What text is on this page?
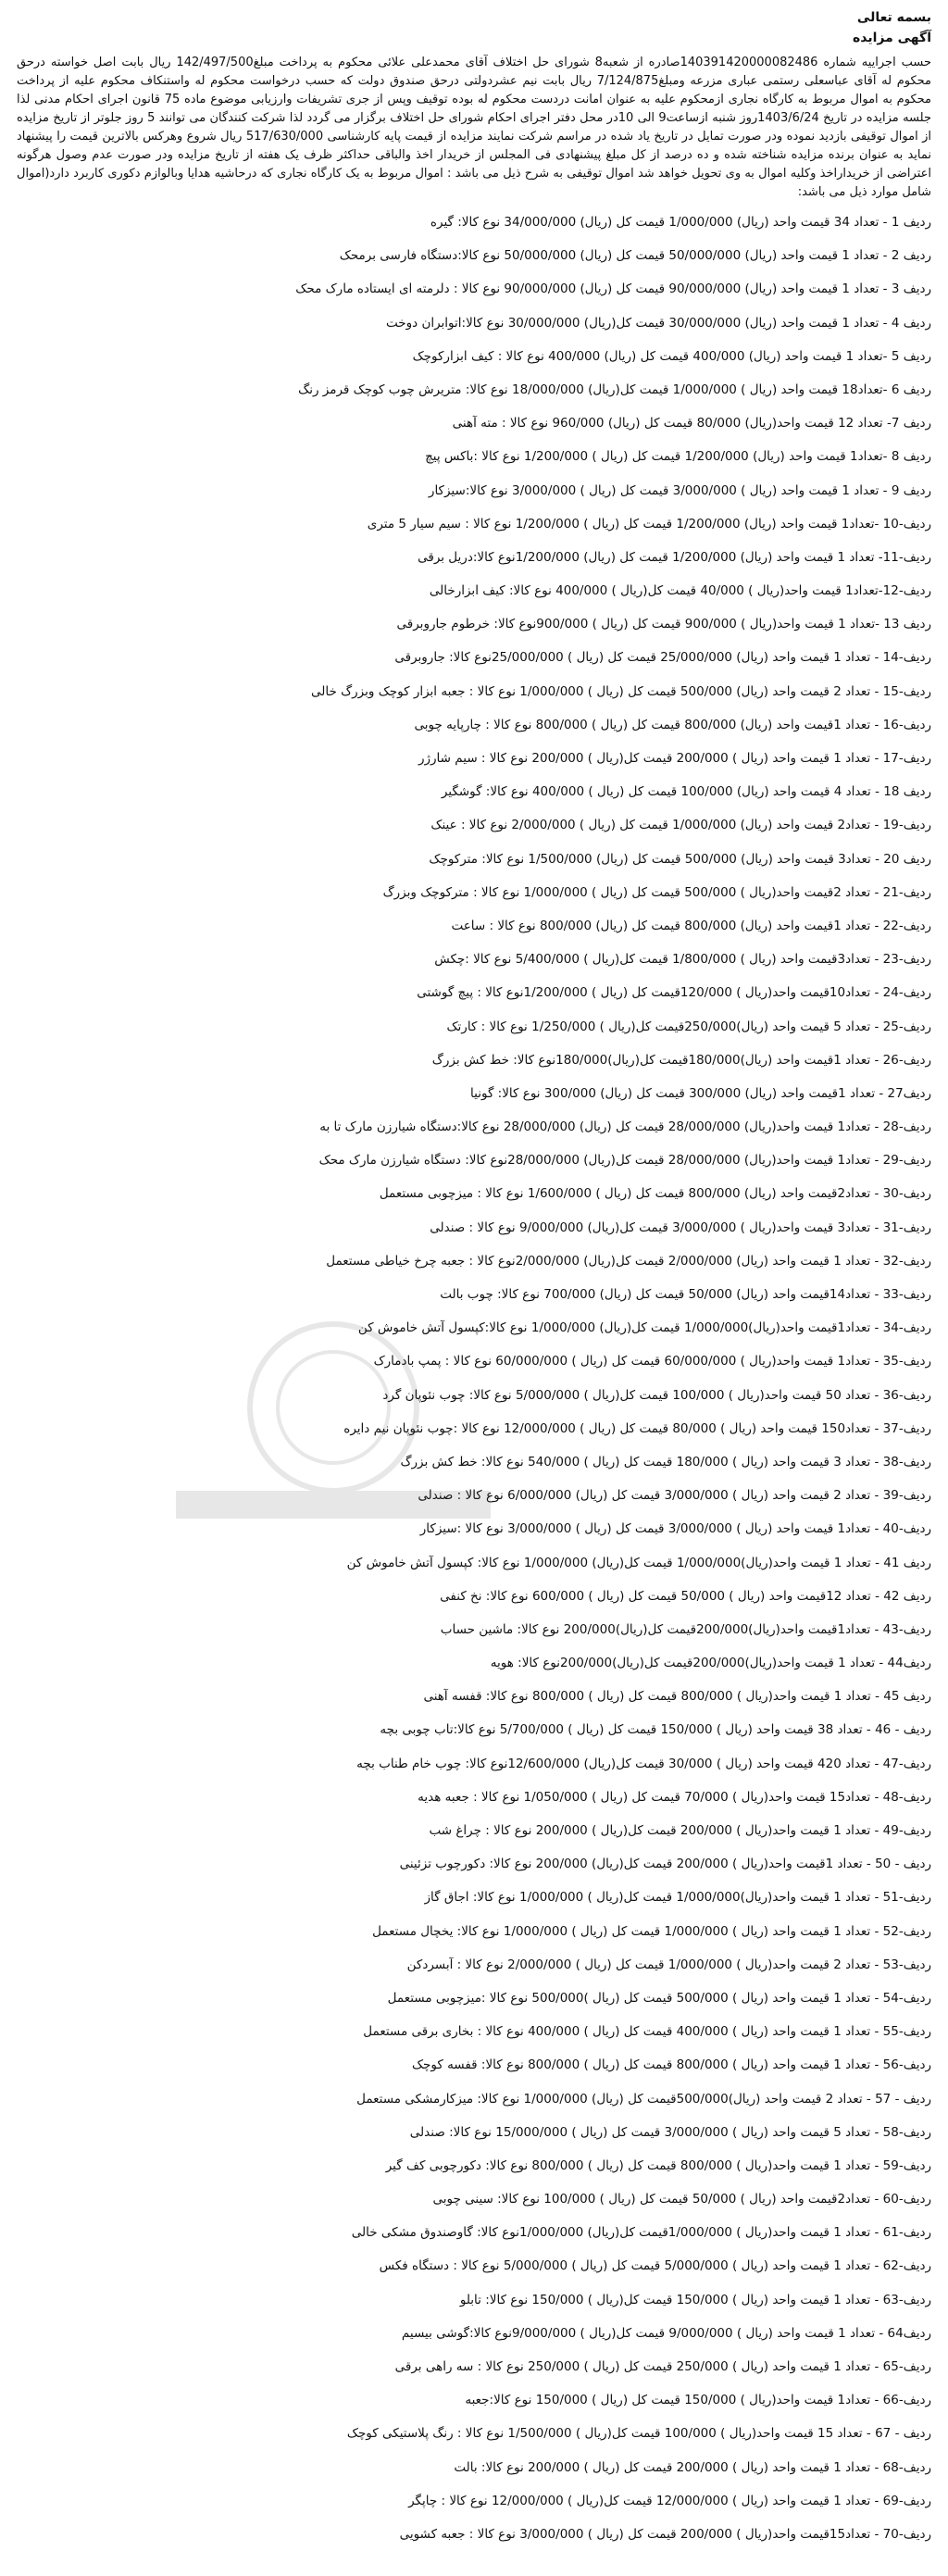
بسمه تعالی
آگهی مزایده

حسب اجراییه شماره 140391420000082486صادره از شعبه8 شورای حل اختلاف آقای محمدعلی علائی محکوم به پرداخت مبلغ142/497/500 ریال بابت اصل خواسته درحق محکوم له آقای عباسعلی رستمی عباری مزرعه ومبلغ7/124/875 ریال بابت نیم عشردولتی درحق صندوق دولت که حسب درخواست محکوم له واستنکاف محکوم علیه از پرداخت محکوم به اموال مربوط به کارگاه نجاری ازمحکوم علیه به عنوان امانت دردست محکوم له بوده توقیف وپس از جری تشریفات وارزیابی موضوع ماده 75 قانون اجرای احکام مدنی لذا جلسه مزایده در تاریخ 1403/6/24روز شنبه ازساعت9 الی 10در محل دفتر اجرای احکام شورای حل اختلاف برگزار می گردد لذا شرکت کنندگان می توانند 5 روز جلوتر از تاریخ مزایده از اموال توقیفی بازدید نموده ودر صورت تمایل در تاریخ یاد شده در مراسم شرکت نمایند مزایده از قیمت پایه کارشناسی 517/630/000 ریال شروع وهرکس بالاترین قیمت را پیشنهاد نماید به عنوان برنده مزایده شناخته شده و ده درصد از کل مبلغ پیشنهادی فی المجلس از خریدار اخذ والباقی حداکثر ظرف یک هفته از تاریخ مزایده ودر صورت عدم وصول هرگونه اعتراضی از خریداراخذ وکلیه اموال به وی تحویل خواهد شد اموال توقیفی به شرح ذیل می باشد : اموال مربوط به یک کارگاه نجاری که درحاشیه هدایا وبالوازم دکوری کاربرد دارد(اموال شامل موارد ذیل می باشد:

ردیف 1 - تعداد 34 قیمت واحد (ریال) 1/000/000 قیمت کل (ریال) 34/000/000 نوع کالا: گیره
ردیف 2 - تعداد 1 قیمت واحد (ریال) 50/000/000 قیمت کل (ریال) 50/000/000 نوع کالا:دستگاه فارسی برمحک
ردیف 3 - تعداد 1 قیمت واحد (ریال) 90/000/000 قیمت کل (ریال) 90/000/000 نوع کالا : دلرمته ای ایستاده مارک محک
ردیف 4 - تعداد 1 قیمت واحد (ریال) 30/000/000 قیمت کل(ریال) 30/000/000 نوع کالا:اتوابران دوخت
ردیف 5 -تعداد 1 قیمت واحد (ریال) 400/000 قیمت کل (ریال) 400/000 نوع کالا : کیف ابزارکوچک
ردیف 6 -تعداد18 قیمت واحد (ریال ) 1/000/000 قیمت کل(ریال) 18/000/000 نوع کالا: متریرش چوب کوچک قرمز رنگ
ردیف 7- تعداد 12 قیمت واحد(ریال) 80/000 قیمت کل (ریال) 960/000 نوع کالا : مته آهنی
ردیف 8 -تعداد1 قیمت واحد (ریال) 1/200/000 قیمت کل (ریال ) 1/200/000 نوع کالا :باکس پیچ
ردیف 9 - تعداد 1 قیمت واحد (ریال ) 3/000/000 قیمت کل (ریال ) 3/000/000 نوع کالا:سیزکار
ردیف-10 -تعداد1 قیمت واحد (ریال) 1/200/000 قیمت کل (ریال ) 1/200/000 نوع کالا : سیم سیار 5 متری
ردیف-11- تعداد 1 قیمت واحد (ریال) 1/200/000 قیمت کل (ریال) 1/200/000نوع کالا:دریل برقی
ردیف-12-تعداد1 قیمت واحد(ریال ) 40/000 قیمت کل(ریال ) 400/000 نوع کالا: کیف ابزارخالی
ردیف 13 -تعداد 1 قیمت واحد(ریال ) 900/000 قیمت کل (ریال ) 900/000نوع کالا: خرطوم جاروبرقی
ردیف-14 - تعداد 1 قیمت واحد (ریال) 25/000/000 قیمت کل (ریال ) 25/000/000نوع کالا: جاروبرقی
ردیف-15 - تعداد 2 قیمت واحد (ریال) 500/000 قیمت کل (ریال ) 1/000/000 نوع کالا : جعبه ابزار کوچک وبزرگ خالی
ردیف-16 - تعداد 1قیمت واحد (ریال) 800/000 قیمت کل (ریال ) 800/000 نوع کالا : چارپایه چوبی
ردیف-17 - تعداد 1 قیمت واحد (ریال ) 200/000 قیمت کل(ریال ) 200/000 نوع کالا : سیم شارژر
ردیف 18 - تعداد 4 قیمت واحد (ریال) 100/000 قیمت کل (ریال ) 400/000 نوع کالا: گوشگیر
ردیف-19 - تعداد2 قیمت واحد (ریال) 1/000/000 قیمت کل (ریال ) 2/000/000 نوع کالا : عینک
ردیف 20 - تعداد3 قیمت واحد (ریال) 500/000 قیمت کل (ریال) 1/500/000 نوع کالا: مترکوچک
ردیف-21 - تعداد 2قیمت واحد(ریال ) 500/000 قیمت کل (ریال ) 1/000/000 نوع کالا : مترکوچک وبزرگ
ردیف-22 - تعداد 1قیمت واحد (ریال) 800/000 قیمت کل (ریال) 800/000 نوع کالا : ساعت
ردیف-23 - تعداد3قیمت واحد (ریال ) 1/800/000 قیمت کل(ریال ) 5/400/000 نوع کالا :چکش
ردیف-24 - تعداد10قیمت واحد(ریال ) 120/000قیمت کل (ریال ) 1/200/000نوع کالا : پیچ گوشتی
ردیف-25 - تعداد 5 قیمت واحد (ریال)250/000قیمت کل(ریال ) 1/250/000 نوع کالا : کارتک
ردیف-26 - تعداد 1قیمت واحد (ریال)180/000قیمت کل(ریال)180/000نوع کالا: خط کش بزرگ
ردیف27 - تعداد 1قیمت واحد (ریال) 300/000 قیمت کل (ریال) 300/000 نوع کالا: گونیا
ردیف-28 - تعداد1 قیمت واحد(ریال) 28/000/000 قیمت کل (ریال) 28/000/000 نوع کالا:دستگاه شیارزن مارک تا به
ردیف-29 - تعداد1 قیمت واحد(ریال) 28/000/000 قیمت کل(ریال) 28/000/000نوع کالا: دستگاه شیارزن مارک محک
ردیف-30 - تعداد2قیمت واحد (ریال) 800/000 قیمت کل (ریال ) 1/600/000 نوع کالا : میزچوبی مستعمل
ردیف-31 - تعداد3 قیمت واحد(ریال ) 3/000/000 قیمت کل(ریال) 9/000/000 نوع کالا : صندلی
ردیف-32 - تعداد 1 قیمت واحد (ریال) 2/000/000 قیمت کل(ریال) 2/000/000نوع کالا : جعبه چرخ خیاطی مستعمل
ردیف-33 - تعداد14قیمت واحد (ریال) 50/000 قیمت کل (ریال) 700/000 نوع کالا: چوب بالت
ردیف-34 - تعداد1قیمت واحد(ریال)1/000/000 قیمت کل(ریال) 1/000/000 نوع کالا:کپسول آتش خاموش کن
ردیف-35 - تعداد1 قیمت واحد(ریال ) 60/000/000 قیمت کل (ریال ) 60/000/000 نوع کالا : پمپ بادمارک
ردیف-36 - تعداد 50 قیمت واحد(ریال ) 100/000 قیمت کل(ریال ) 5/000/000 نوع کالا: چوب نئوپان گرد
ردیف-37 - تعداد150 قیمت واحد (ریال ) 80/000 قیمت کل (ریال ) 12/000/000 نوع کالا :چوب نئوپان نیم دایره
ردیف-38 - تعداد 3 قیمت واحد (ریال ) 180/000 قیمت کل (ریال ) 540/000 نوع کالا: خط کش بزرگ
ردیف-39 - تعداد 2 قیمت واحد (ریال ) 3/000/000 قیمت کل (ریال) 6/000/000 نوع کالا : صندلی
ردیف-40 - تعداد1 قیمت واحد (ریال ) 3/000/000 قیمت کل (ریال ) 3/000/000 نوع کالا :سیزکار
ردیف 41 - تعداد 1 قیمت واحد(ریال)1/000/000 قیمت کل(ریال) 1/000/000 نوع کالا: کپسول آتش خاموش کن
ردیف 42 - تعداد 12قیمت واحد (ریال ) 50/000 قیمت کل (ریال ) 600/000 نوع کالا: نخ کنفی
ردیف-43 - تعداد1قیمت واحد(ریال)200/000قیمت کل(ریال)200/000 نوع کالا: ماشین حساب
ردیف44 - تعداد 1 قیمت واحد(ریال)200/000قیمت کل(ریال)200/000نوع کالا: هویه
ردیف 45 - تعداد 1 قیمت واحد(ریال ) 800/000 قیمت کل (ریال ) 800/000 نوع کالا: قفسه آهنی
ردیف - 46 - تعداد 38 قیمت واحد (ریال ) 150/000 قیمت کل (ریال ) 5/700/000 نوع کالا:تاب چوبی بچه
ردیف-47 - تعداد 420 قیمت واحد (ریال ) 30/000 قیمت کل(ریال) 12/600/000نوع کالا: چوب خام طناب بچه
ردیف-48 - تعداد15 قیمت واحد(ریال ) 70/000 قیمت کل (ریال ) 1/050/000 نوع کالا : جعبه هدیه
ردیف-49 - تعداد 1 قیمت واحد(ریال ) 200/000 قیمت کل(ریال ) 200/000 نوع کالا : چراغ شب
ردیف - 50 - تعداد 1قیمت واحد(ریال ) 200/000 قیمت کل(ریال) 200/000 نوع کالا: دکورچوب تزئینی
ردیف-51 - تعداد 1 قیمت واحد(ریال)1/000/000 قیمت کل(ریال ) 1/000/000 نوع کالا: اجاق گاز
ردیف-52 - تعداد 1 قیمت واحد (ریال ) 1/000/000 قیمت کل (ریال ) 1/000/000 نوع کالا: یخچال مستعمل
ردیف-53 - تعداد 2 قیمت واحد(ریال ) 1/000/000 قیمت کل (ریال ) 2/000/000 نوع کالا : آبسردکن
ردیف-54 - تعداد 1 قیمت واحد (ریال ) 500/000 قیمت کل (ریال )500/000 نوع کالا :میزچوبی مستعمل
ردیف-55 - تعداد 1 قیمت واحد (ریال ) 400/000 قیمت کل (ریال ) 400/000 نوع کالا : بخاری برقی مستعمل
ردیف-56 - تعداد 1 قیمت واحد (ریال ) 800/000 قیمت کل (ریال ) 800/000 نوع کالا: قفسه کوچک
ردیف - 57 - تعداد 2 قیمت واحد (ریال)500/000قیمت کل (ریال) 1/000/000 نوع کالا: میزکارمشکی مستعمل
ردیف-58 - تعداد 5 قیمت واحد (ریال ) 3/000/000 قیمت کل (ریال ) 15/000/000 نوع کالا: صندلی
ردیف-59 - تعداد 1 قیمت واحد(ریال ) 800/000 قیمت کل (ریال ) 800/000 نوع کالا: دکورچوبی کف گیر
ردیف-60 - تعداد2قیمت واحد (ریال ) 50/000 قیمت کل (ریال ) 100/000 نوع کالا: سینی چوبی
ردیف-61 - تعداد 1 قیمت واحد(ریال ) 1/000/000قیمت کل(ریال) 1/000/000نوع کالا: گاوصندوق مشکی خالی
ردیف-62 - تعداد 1 قیمت واحد (ریال ) 5/000/000 قیمت کل (ریال ) 5/000/000 نوع کالا : دستگاه فکس
ردیف-63 - تعداد 1 قیمت واحد (ریال ) 150/000 قیمت کل(ریال ) 150/000 نوع کالا: تابلو
ردیف64 - تعداد 1 قیمت واحد (ریال ) 9/000/000 قیمت کل(ریال ) 9/000/000نوع کالا:گوشی بیسیم
ردیف-65 - تعداد 1 قیمت واحد (ریال ) 250/000 قیمت کل (ریال ) 250/000 نوع کالا : سه راهی برقی
ردیف-66 - تعداد1 قیمت واحد(ریال ) 150/000 قیمت کل (ریال ) 150/000 نوع کالا:جعبه
ردیف - 67 - تعداد 15 قیمت واحد(ریال ) 100/000 قیمت کل(ریال ) 1/500/000 نوع کالا : رنگ پلاستیکی کوچک
ردیف-68 - تعداد 1 قیمت واحد (ریال ) 200/000 قیمت کل (ریال ) 200/000 نوع کالا: بالت
ردیف-69 - تعداد 1 قیمت واحد (ریال ) 12/000/000 قیمت کل(ریال ) 12/000/000 نوع کالا : چاپگر
ردیف-70 - تعداد15قیمت واحد(ریال ) 200/000 قیمت کل (ریال ) 3/000/000 نوع کالا : جعبه کشویی
